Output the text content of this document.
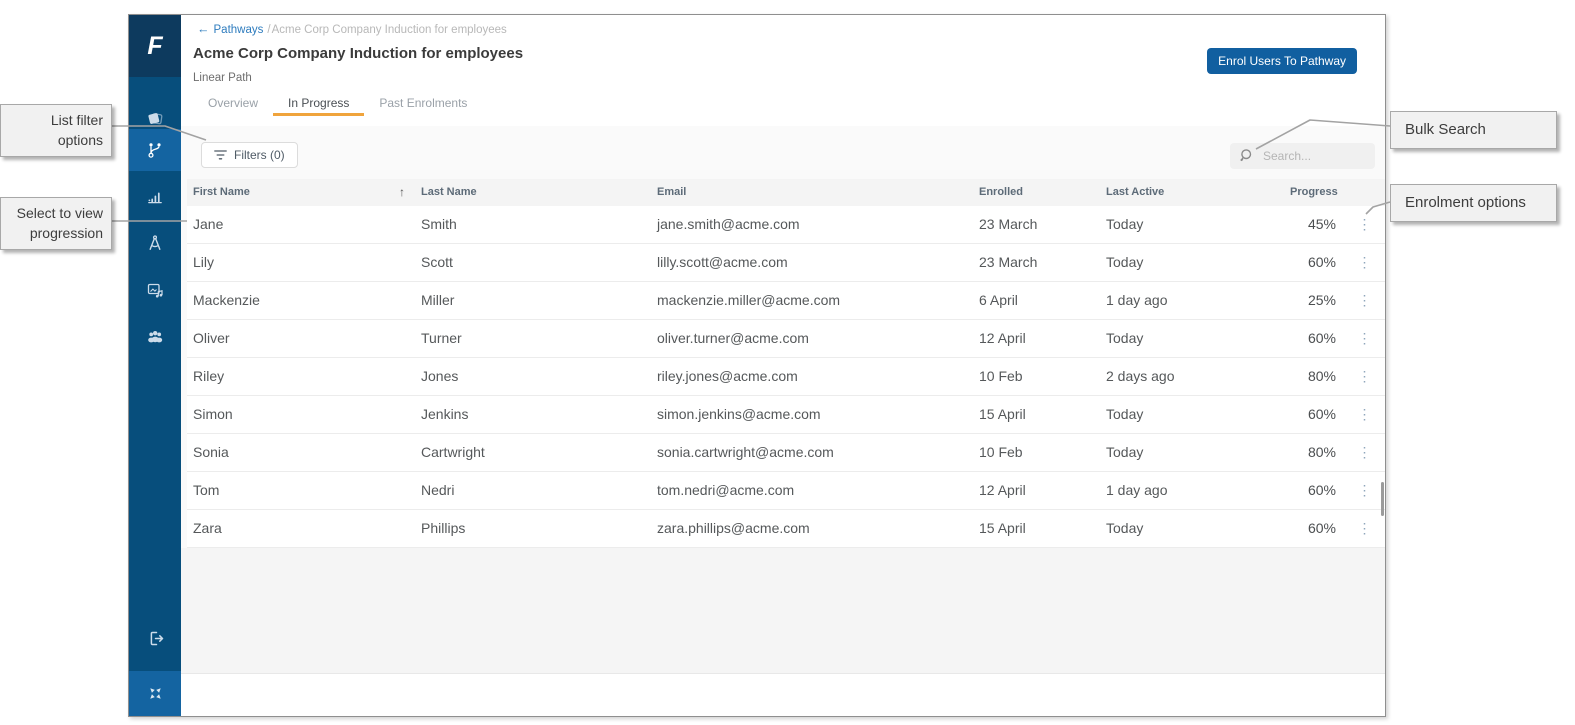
List filter options
Select to view progression
Bulk Search
Enrolment options
F
← Pathways /Acme Corp Company Induction for employees
Acme Corp Company Induction for employees
Linear Path
Enrol Users To Pathway
Overview	In Progress	Past Enrolments
Filters (0)
Search...
First Name	↑ Last Name	Email	Enrolled	Last Active	Progress
Jane	Smith	jane.smith@acme.com	23 March	Today	45%	⋮
Lily	Scott	lilly.scott@acme.com	23 March	Today	60%	⋮
Mackenzie	Miller	mackenzie.miller@acme.com	6 April	1 day ago	25%	⋮
Oliver	Turner	oliver.turner@acme.com	12 April	Today	60%	⋮
Riley	Jones	riley.jones@acme.com	10 Feb	2 days ago	80%	⋮
Simon	Jenkins	simon.jenkins@acme.com	15 April	Today	60%	⋮
Sonia	Cartwright	sonia.cartwright@acme.com	10 Feb	Today	80%	⋮
Tom	Nedri	tom.nedri@acme.com	12 April	1 day ago	60%	⋮
Zara	Phillips	zara.phillips@acme.com	15 April	Today	60%	⋮
